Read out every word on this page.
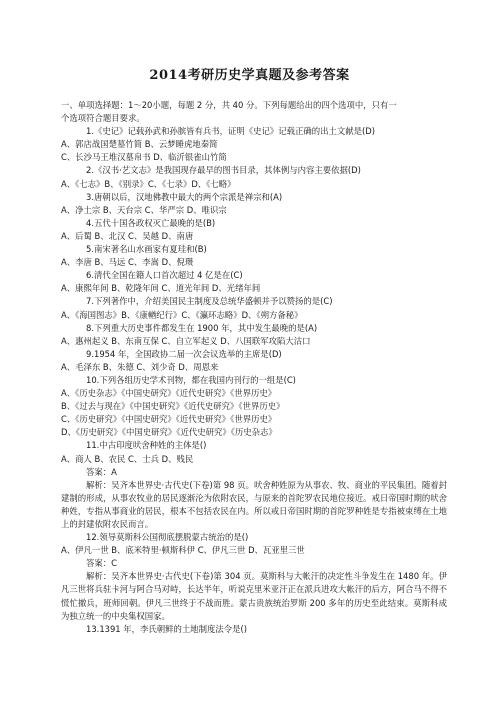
2014考研历史学真题及参考答案
一、单项选择题：1～20小题，每题 2 分，共 40 分。下列每题给出的四个选项中，只有一
个选项符合题目要求。
1.《史记》记载孙武和孙膑皆有兵书，证明《史记》记载正确的出土文献是(D)
A、郭店战国楚墓竹简 B、云梦睡虎地秦简
C、长沙马王堆汉墓帛书 D、临沂银雀山竹简
2.《汉书·艺文志》是我国现存最早的图书目录，其体例与内容主要依据(D)
A、《七志》B、《别录》C、《七录》D、《七略》
3.唐朝以后，汉地佛教中最大的两个宗派是禅宗和(A)
A、净土宗 B、天台宗 C、华严宗 D、唯识宗
4.五代十国各政权灭亡最晚的是(B)
A、后蜀 B、北汉 C、吴越 D、南唐
5.南宋著名山水画家有夏珪和(B)
A、李唐 B、马远 C、李嵩 D、倪瓒
6.清代全国在籍人口首次超过 4 亿是在(C)
A、康熙年间 B、乾隆年间 C、道光年间 D、光绪年间
7.下列著作中，介绍美国民主制度及总统华盛顿并予以赞扬的是(C)
A、《海国图志》B、《康輶纪行》C、《瀛环志略》D、《朔方备秘》
8.下列重大历史事件都发生在 1900 年，其中发生最晚的是(A)
A、惠州起义 B、东南互保 C、自立军起义 D、八国联军攻陷大沽口
9.1954 年，全国政协二届一次会议选举的主席是(D)
A、毛泽东 B、朱德 C、刘少奇 D、周恩来
10.下列各组历史学术刊物，都在我国内刊行的一组是(C)
A、《历史杂志》《中国史研究》《近代史研究》《世界历史》
B、《过去与现在》《中国史研究》《近代史研究》《世界历史》
C、《历史研究》《中国史研究》《近代史研究》《世界历史》
D、《历史研究》《中国史研究》《近代史研究》《历史杂志》
11.中古印度吠舍种姓的主体是()
A、商人 B、农民 C、士兵 D、贱民
答案：A
解析：吴齐本世界史·古代史(下卷)第 98 页。吠舍种姓原为从事农、牧、商业的平民集团。随着封建制的形成，从事农牧业的居民逐渐沦为依附农民，与原来的首陀罗农民地位接近。戒日帝国时期的吠舍种姓，专指从事商业的居民，根本不包括农民在内。所以戒日帝国时期的首陀罗种姓是专指被束缚在土地上的封建依附农民而言。
12.领导莫斯科公国彻底摆脱蒙古统治的是()
A、伊凡一世 B、底米特里·顿斯科伊 C、伊凡三世 D、瓦亚里三世
答案：C
解析：吴齐本世界史·古代史(下卷)第 304 页。莫斯科与大帐汗的决定性斗争发生在 1480 年。伊凡三世将兵驻卡河与阿合马对峙，长达半年，听说克里米亚汗正在派兵进攻大帐汗的后方，阿合马不得不慌忙撤兵，班师回朝。伊凡三世终于不战而胜。蒙古贵族统治罗斯 200 多年的历史至此结束。莫斯科成为独立统一的中央集权国家。
13.1391 年，李氏朝鲜的土地制度法令是()
